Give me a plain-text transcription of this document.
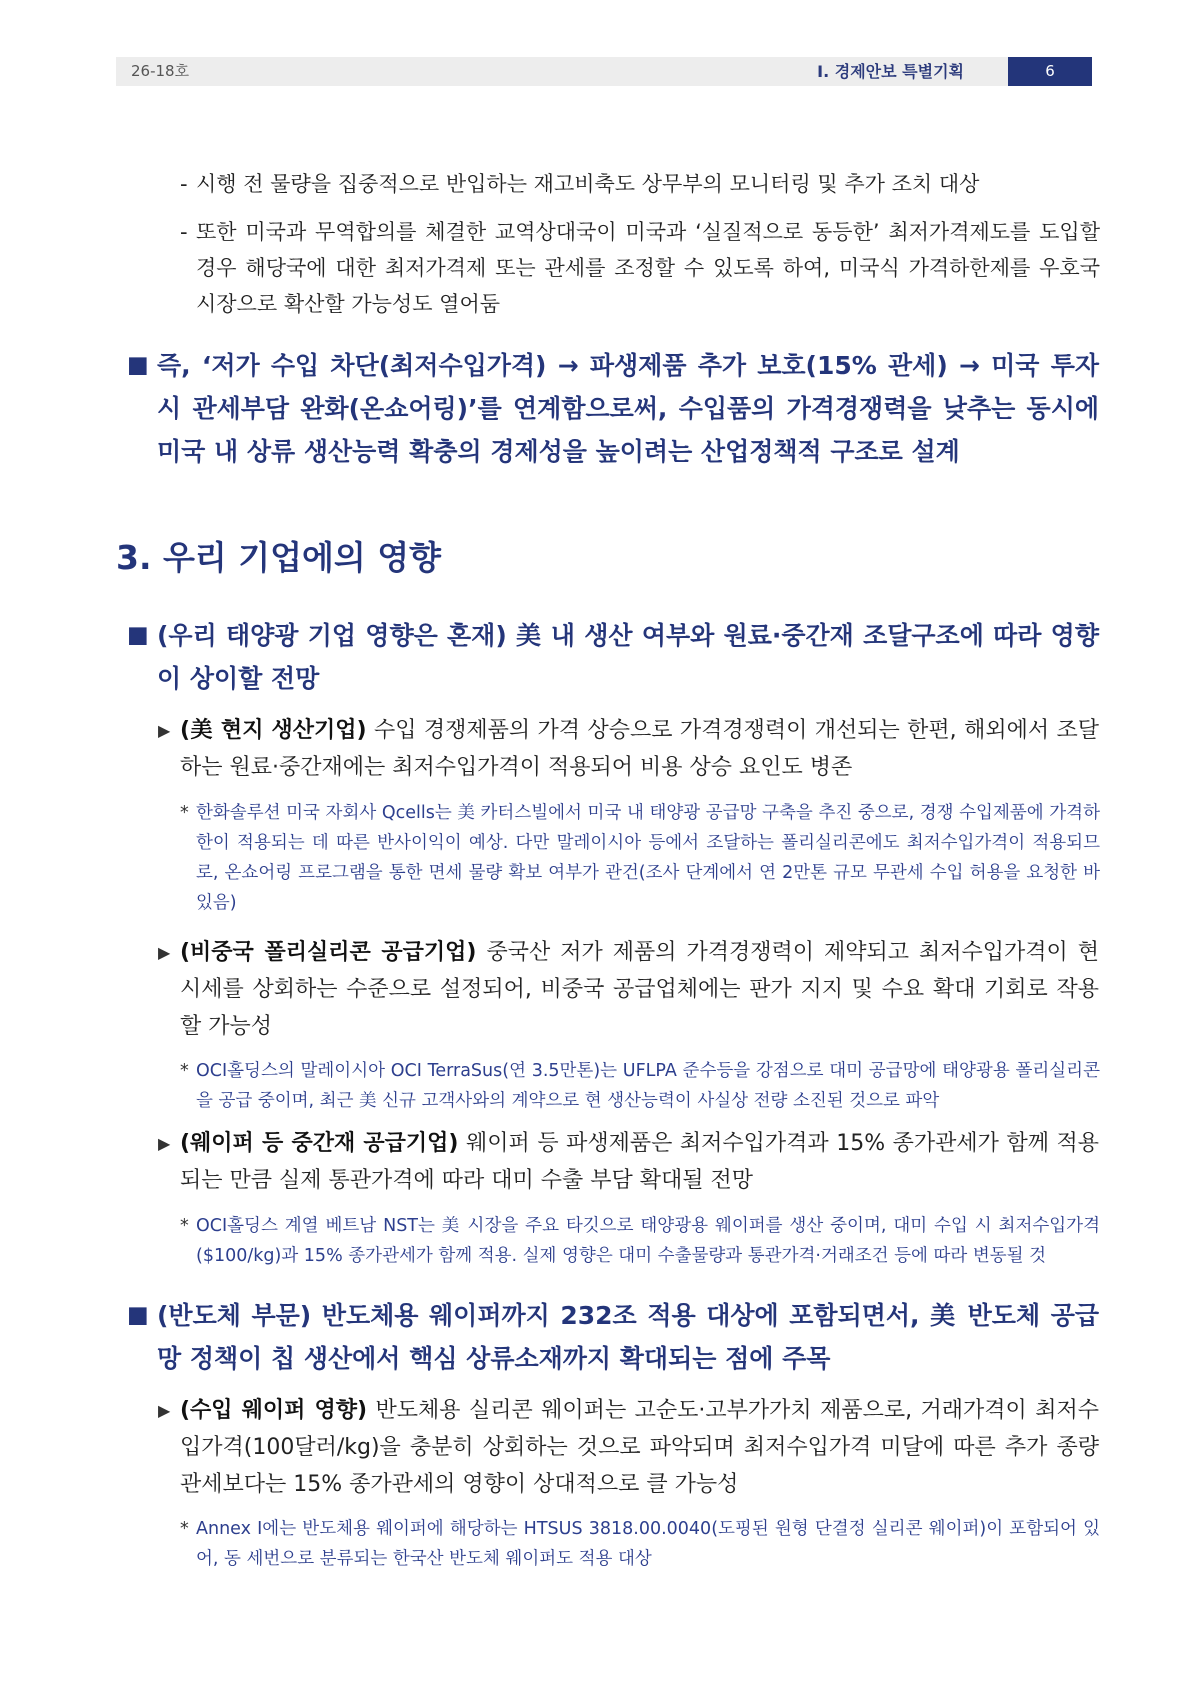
26-18호	Ⅰ. 경제안보 특별기획	6
- 시행 전 물량을 집중적으로 반입하는 재고비축도 상무부의 모니터링 및 추가 조치 대상
- 또한 미국과 무역합의를 체결한 교역상대국이 미국과 ‘실질적으로 동등한’ 최저가격제도를 도입할 경우 해당국에 대한 최저가격제 또는 관세를 조정할 수 있도록 하여, 미국식 가격하한제를 우호국 시장으로 확산할 가능성도 열어둠
■ 즉, ‘저가 수입 차단(최저수입가격) → 파생제품 추가 보호(15% 관세) → 미국 투자 시 관세부담 완화(온쇼어링)’를 연계함으로써, 수입품의 가격경쟁력을 낮추는 동시에 미국 내 상류 생산능력 확충의 경제성을 높이려는 산업정책적 구조로 설계
3. 우리 기업에의 영향
■ (우리 태양광 기업 영향은 혼재) 美 내 생산 여부와 원료·중간재 조달구조에 따라 영향이 상이할 전망
▶ (美 현지 생산기업) 수입 경쟁제품의 가격 상승으로 가격경쟁력이 개선되는 한편, 해외에서 조달하는 원료·중간재에는 최저수입가격이 적용되어 비용 상승 요인도 병존
* 한화솔루션 미국 자회사 Qcells는 美 카터스빌에서 미국 내 태양광 공급망 구축을 추진 중으로, 경쟁 수입제품에 가격하한이 적용되는 데 따른 반사이익이 예상. 다만 말레이시아 등에서 조달하는 폴리실리콘에도 최저수입가격이 적용되므로, 온쇼어링 프로그램을 통한 면세 물량 확보 여부가 관건(조사 단계에서 연 2만톤 규모 무관세 수입 허용을 요청한 바 있음)
▶ (비중국 폴리실리콘 공급기업) 중국산 저가 제품의 가격경쟁력이 제약되고 최저수입가격이 현 시세를 상회하는 수준으로 설정되어, 비중국 공급업체에는 판가 지지 및 수요 확대 기회로 작용할 가능성
* OCI홀딩스의 말레이시아 OCI TerraSus(연 3.5만톤)는 UFLPA 준수등을 강점으로 대미 공급망에 태양광용 폴리실리콘을 공급 중이며, 최근 美 신규 고객사와의 계약으로 현 생산능력이 사실상 전량 소진된 것으로 파악
▶ (웨이퍼 등 중간재 공급기업) 웨이퍼 등 파생제품은 최저수입가격과 15% 종가관세가 함께 적용되는 만큼 실제 통관가격에 따라 대미 수출 부담 확대될 전망
* OCI홀딩스 계열 베트남 NST는 美 시장을 주요 타깃으로 태양광용 웨이퍼를 생산 중이며, 대미 수입 시 최저수입가격($100/kg)과 15% 종가관세가 함께 적용. 실제 영향은 대미 수출물량과 통관가격·거래조건 등에 따라 변동될 것
■ (반도체 부문) 반도체용 웨이퍼까지 232조 적용 대상에 포함되면서, 美 반도체 공급망 정책이 칩 생산에서 핵심 상류소재까지 확대되는 점에 주목
▶ (수입 웨이퍼 영향) 반도체용 실리콘 웨이퍼는 고순도·고부가가치 제품으로, 거래가격이 최저수입가격(100달러/kg)을 충분히 상회하는 것으로 파악되며 최저수입가격 미달에 따른 추가 종량관세보다는 15% 종가관세의 영향이 상대적으로 클 가능성
* Annex I에는 반도체용 웨이퍼에 해당하는 HTSUS 3818.00.0040(도핑된 원형 단결정 실리콘 웨이퍼)이 포함되어 있어, 동 세번으로 분류되는 한국산 반도체 웨이퍼도 적용 대상
